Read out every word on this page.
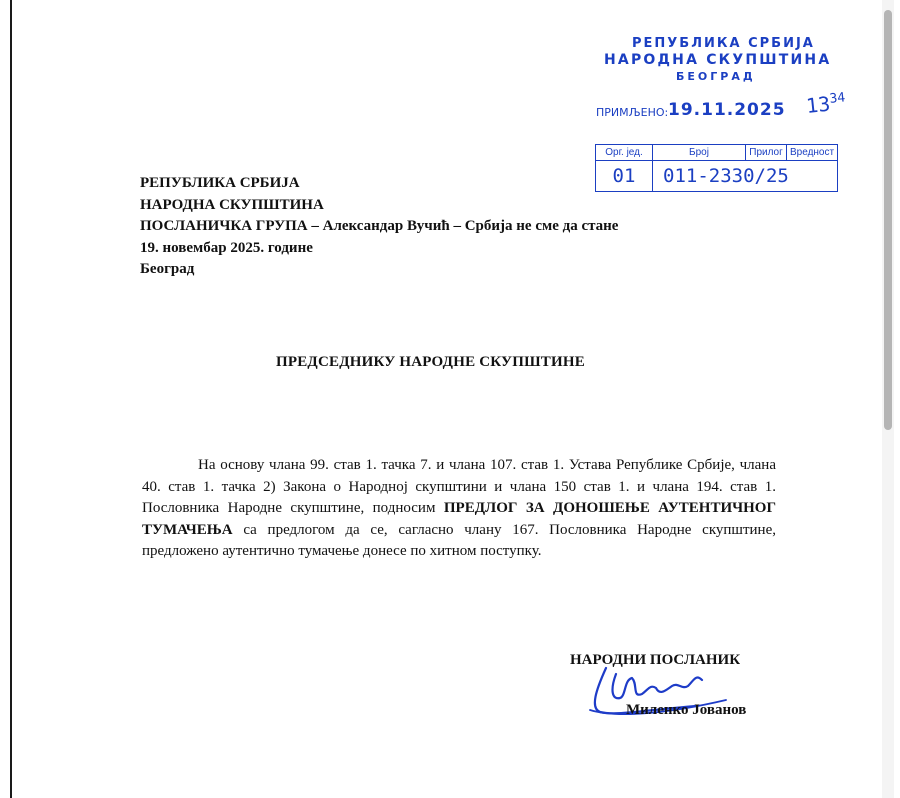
РЕПУБЛИКА СРБИЈА
НАРОДНА СКУПШТИНА
БЕОГРАД
ПРИМЉЕНО: 19.11.2025 $13^{34}$
Орг. јед.	Број	Прилог	Вредност
01	011-2330/25		
РЕПУБЛИКА СРБИЈА
НАРОДНА СКУПШТИНА
ПОСЛАНИЧКА ГРУПА – Александар Вучић – Србија не сме да стане
19. новембар 2025. године
Београд
ПРЕДСЕДНИКУ НАРОДНЕ СКУПШТИНЕ

На основу члана 99. став 1. тачка 7. и члана 107. став 1. Устава Републике Србије, члана 40. став 1. тачка 2) Закона о Народној скупштини и члана 150 став 1. и члана 194. став 1. Пословника Народне скупштине, подносим ПРЕДЛОГ ЗА ДОНОШЕЊЕ АУТЕНТИЧНОГ ТУМАЧЕЊА са предлогом да се, сагласно члану 167. Пословника Народне скупштине, предложено аутентично тумачење донесе по хитном поступку.

НАРОДНИ ПОСЛАНИК
Миленко Јованов
